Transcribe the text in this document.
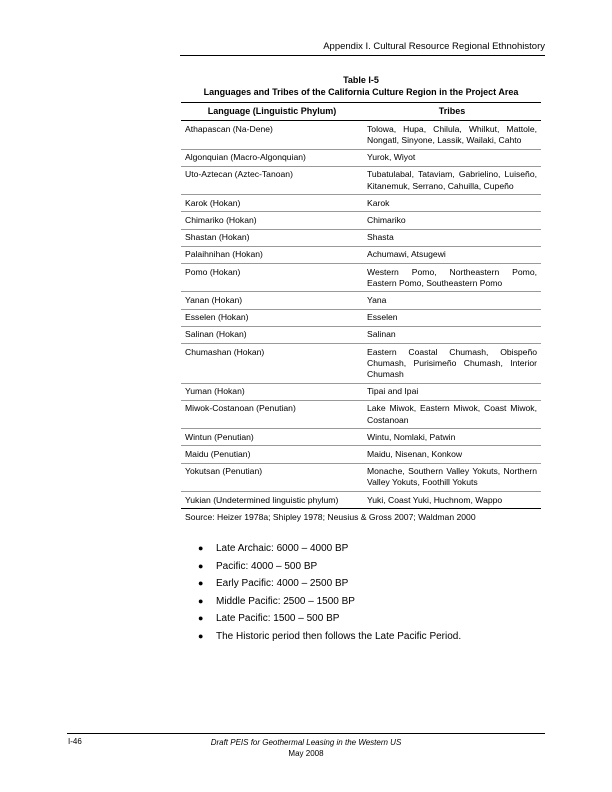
Appendix I. Cultural Resource Regional Ethnohistory
Table I-5
Languages and Tribes of the California Culture Region in the Project Area
Language (Linguistic Phylum)	Tribes
Athapascan (Na-Dene)	Tolowa, Hupa, Chilula, Whilkut, Mattole, Nongatl, Sinyone, Lassik, Wailaki, Cahto
Algonquian (Macro-Algonquian)	Yurok, Wiyot
Uto-Aztecan (Aztec-Tanoan)	Tubatulabal, Tataviam, Gabrielino, Luiseño, Kitanemuk, Serrano, Cahuilla, Cupeño
Karok (Hokan)	Karok
Chimariko (Hokan)	Chimariko
Shastan (Hokan)	Shasta
Palaihnihan (Hokan)	Achumawi, Atsugewi
Pomo (Hokan)	Western Pomo, Northeastern Pomo, Eastern Pomo, Southeastern Pomo
Yanan (Hokan)	Yana
Esselen (Hokan)	Esselen
Salinan (Hokan)	Salinan
Chumashan (Hokan)	Eastern Coastal Chumash, Obispeño Chumash, Purisimeño Chumash, Interior Chumash
Yuman (Hokan)	Tipai and Ipai
Miwok-Costanoan (Penutian)	Lake Miwok, Eastern Miwok, Coast Miwok, Costanoan
Wintun (Penutian)	Wintu, Nomlaki, Patwin
Maidu (Penutian)	Maidu, Nisenan, Konkow
Yokutsan (Penutian)	Monache, Southern Valley Yokuts, Northern Valley Yokuts, Foothill Yokuts
Yukian (Undetermined linguistic phylum)	Yuki, Coast Yuki, Huchnom, Wappo
Source: Heizer 1978a; Shipley 1978; Neusius & Gross 2007; Waldman 2000
● Late Archaic: 6000 – 4000 BP
● Pacific: 4000 – 500 BP
● Early Pacific: 4000 – 2500 BP
● Middle Pacific: 2500 – 1500 BP
● Late Pacific: 1500 – 500 BP
● The Historic period then follows the Late Pacific Period.
I-46	Draft PEIS for Geothermal Leasing in the Western US
May 2008
